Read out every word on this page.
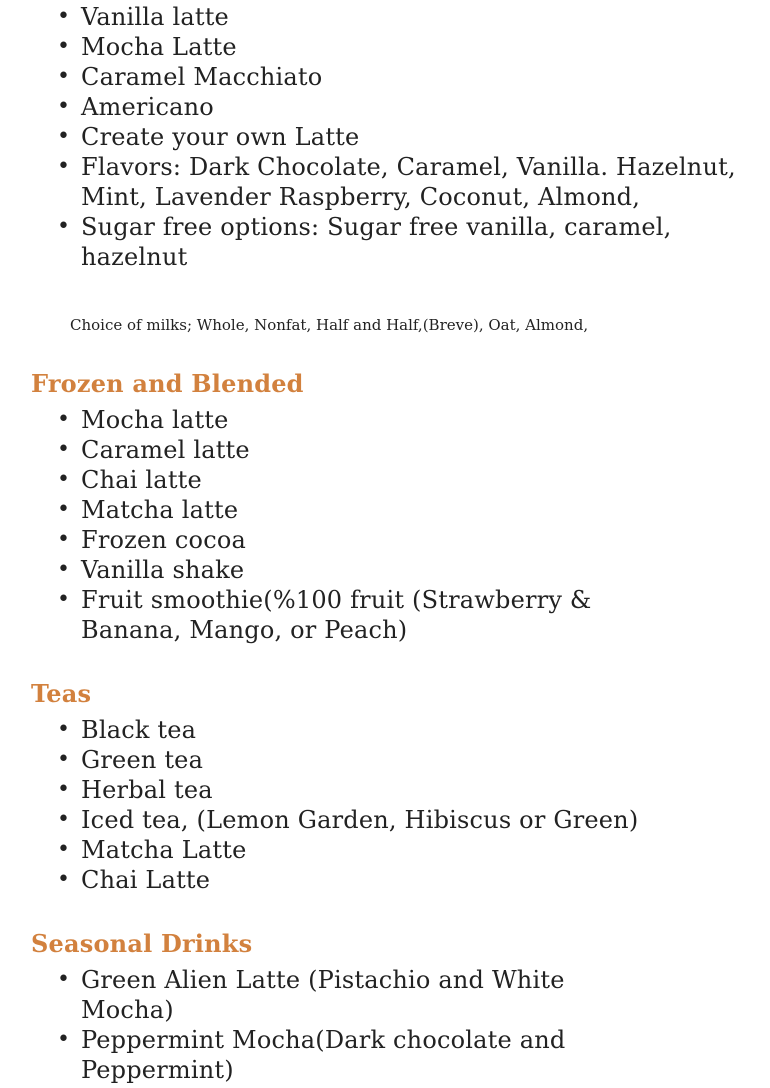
• Vanilla latte
• Mocha Latte
• Caramel Macchiato
• Americano
• Create your own Latte
• Flavors: Dark Chocolate, Caramel, Vanilla. Hazelnut, Mint, Lavender Raspberry, Coconut, Almond,
• Sugar free options: Sugar free vanilla, caramel, hazelnut

Choice of milks; Whole, Nonfat, Half and Half,(Breve), Oat, Almond,

Frozen and Blended
• Mocha latte
• Caramel latte
• Chai latte
• Matcha latte
• Frozen cocoa
• Vanilla shake
• Fruit smoothie(%100 fruit (Strawberry & Banana, Mango, or Peach)
Teas
• Black tea
• Green tea
• Herbal tea
• Iced tea, (Lemon Garden, Hibiscus or Green)
• Matcha Latte
• Chai Latte
Seasonal Drinks
• Green Alien Latte (Pistachio and White Mocha)
• Peppermint Mocha(Dark chocolate and Peppermint)
